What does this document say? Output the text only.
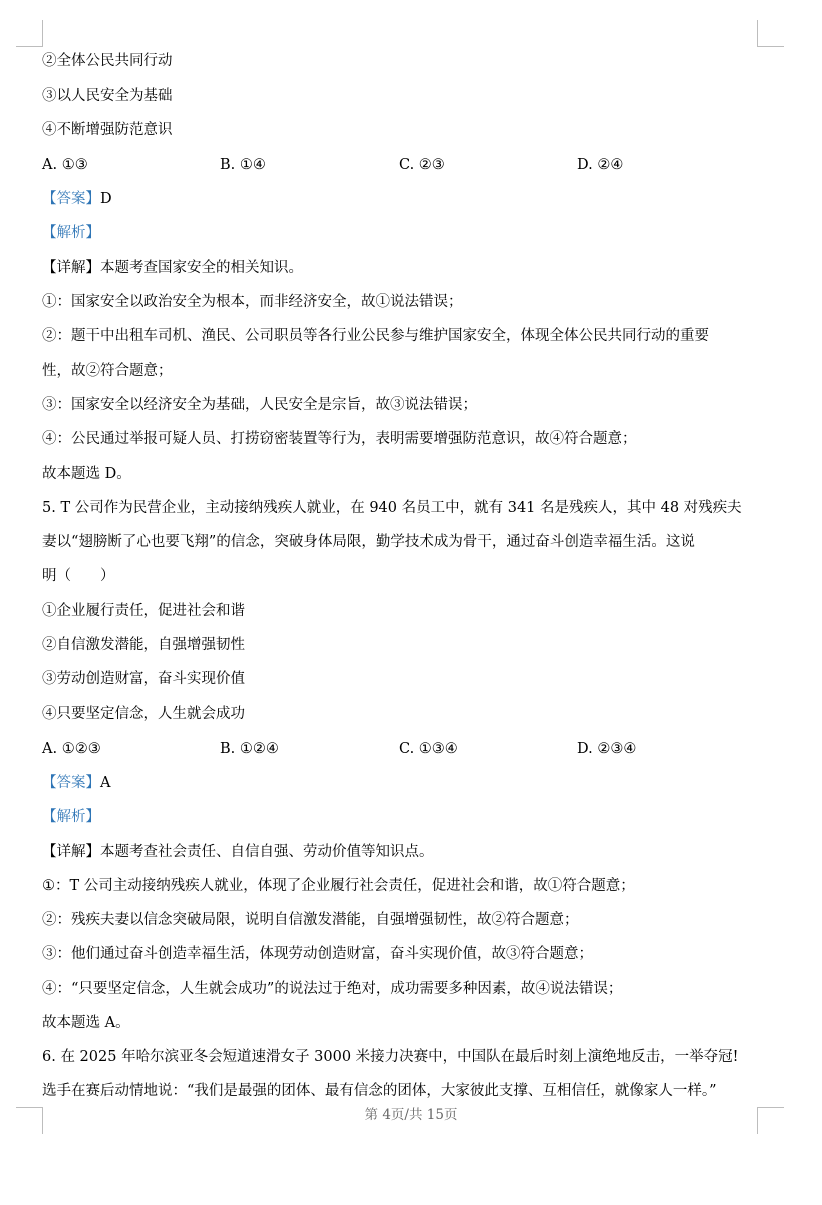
②全体公民共同行动
③以人民安全为基础
④不断增强防范意识
A. ①③	B. ①④	C. ②③	D. ②④
【答案】D
【解析】
【详解】本题考查国家安全的相关知识。
①：国家安全以政治安全为根本，而非经济安全，故①说法错误；
②：题干中出租车司机、渔民、公司职员等各行业公民参与维护国家安全，体现全体公民共同行动的重要
性，故②符合题意；
③：国家安全以经济安全为基础，人民安全是宗旨，故③说法错误；
④：公民通过举报可疑人员、打捞窃密装置等行为，表明需要增强防范意识，故④符合题意；
故本题选 D。
5. T 公司作为民营企业，主动接纳残疾人就业，在 940 名员工中，就有 341 名是残疾人，其中 48 对残疾夫
妻以“翅膀断了心也要飞翔”的信念，突破身体局限，勤学技术成为骨干，通过奋斗创造幸福生活。这说
明（　　）
①企业履行责任，促进社会和谐
②自信激发潜能，自强增强韧性
③劳动创造财富，奋斗实现价值
④只要坚定信念，人生就会成功
A. ①②③	B. ①②④	C. ①③④	D. ②③④
【答案】A
【解析】
【详解】本题考查社会责任、自信自强、劳动价值等知识点。
①：T 公司主动接纳残疾人就业，体现了企业履行社会责任，促进社会和谐，故①符合题意；
②：残疾夫妻以信念突破局限，说明自信激发潜能，自强增强韧性，故②符合题意；
③：他们通过奋斗创造幸福生活，体现劳动创造财富，奋斗实现价值，故③符合题意；
④：“只要坚定信念，人生就会成功”的说法过于绝对，成功需要多种因素，故④说法错误；
故本题选 A。
6. 在 2025 年哈尔滨亚冬会短道速滑女子 3000 米接力决赛中，中国队在最后时刻上演绝地反击，一举夺冠!
选手在赛后动情地说：“我们是最强的团体、最有信念的团体，大家彼此支撑、互相信任，就像家人一样。”
第 4页/共 15页
